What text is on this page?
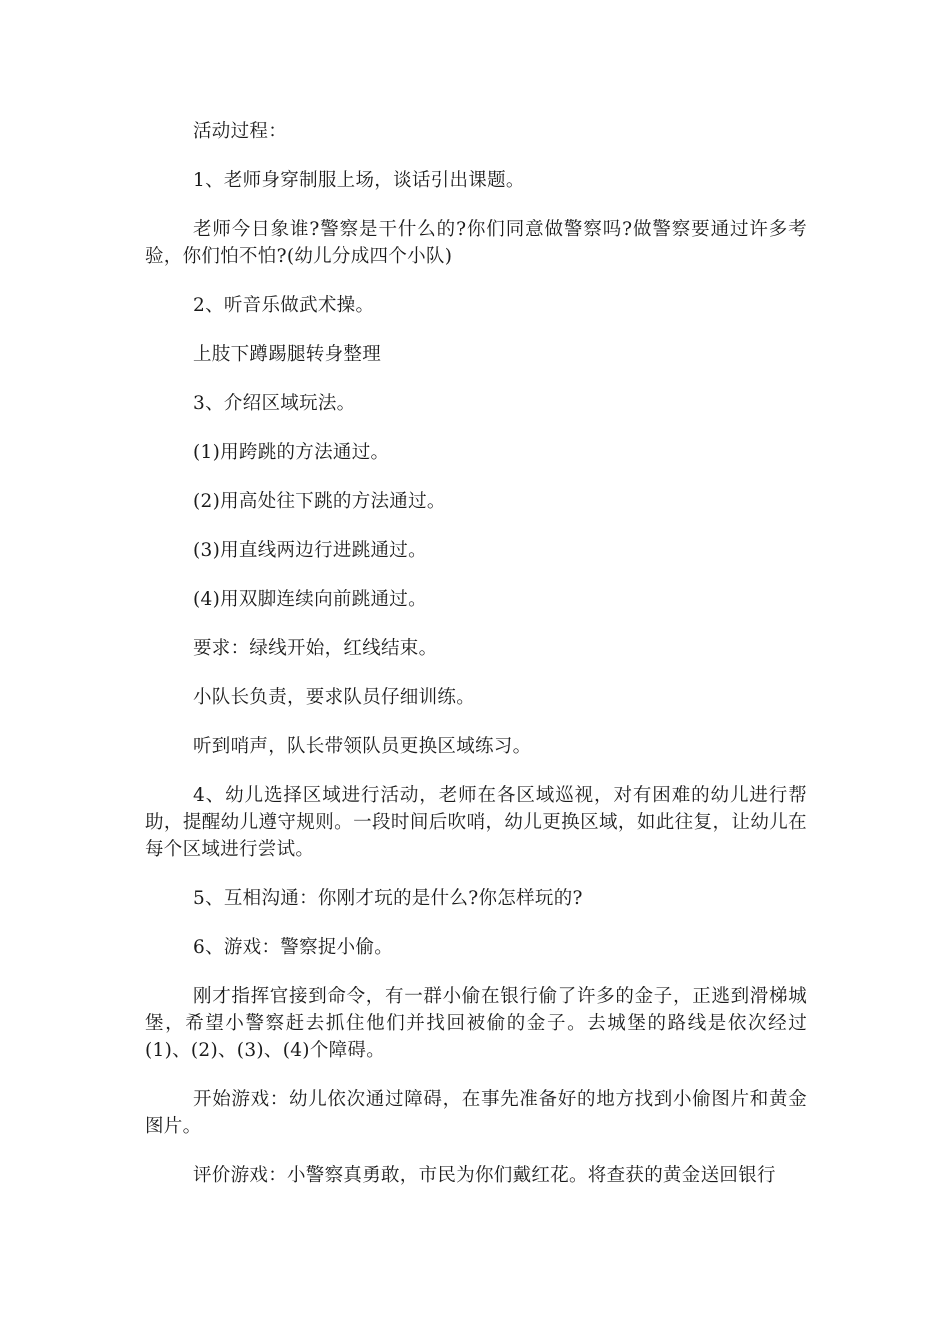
活动过程：

1、老师身穿制服上场，谈话引出课题。

老师今日象谁?警察是干什么的?你们同意做警察吗?做警察要通过许多考验，你们怕不怕?(幼儿分成四个小队)

2、听音乐做武术操。

上肢下蹲踢腿转身整理

3、介绍区域玩法。

(1)用跨跳的方法通过。

(2)用高处往下跳的方法通过。

(3)用直线两边行进跳通过。

(4)用双脚连续向前跳通过。

要求：绿线开始，红线结束。

小队长负责，要求队员仔细训练。

听到哨声，队长带领队员更换区域练习。

4、幼儿选择区域进行活动，老师在各区域巡视，对有困难的幼儿进行帮助，提醒幼儿遵守规则。一段时间后吹哨，幼儿更换区域，如此往复，让幼儿在每个区域进行尝试。

5、互相沟通：你刚才玩的是什么?你怎样玩的?

6、游戏：警察捉小偷。

刚才指挥官接到命令，有一群小偷在银行偷了许多的金子，正逃到滑梯城堡，希望小警察赶去抓住他们并找回被偷的金子。去城堡的路线是依次经过(1)、(2)、(3)、(4)个障碍。

开始游戏：幼儿依次通过障碍，在事先准备好的地方找到小偷图片和黄金图片。

评价游戏：小警察真勇敢，市民为你们戴红花。将查获的黄金送回银行
